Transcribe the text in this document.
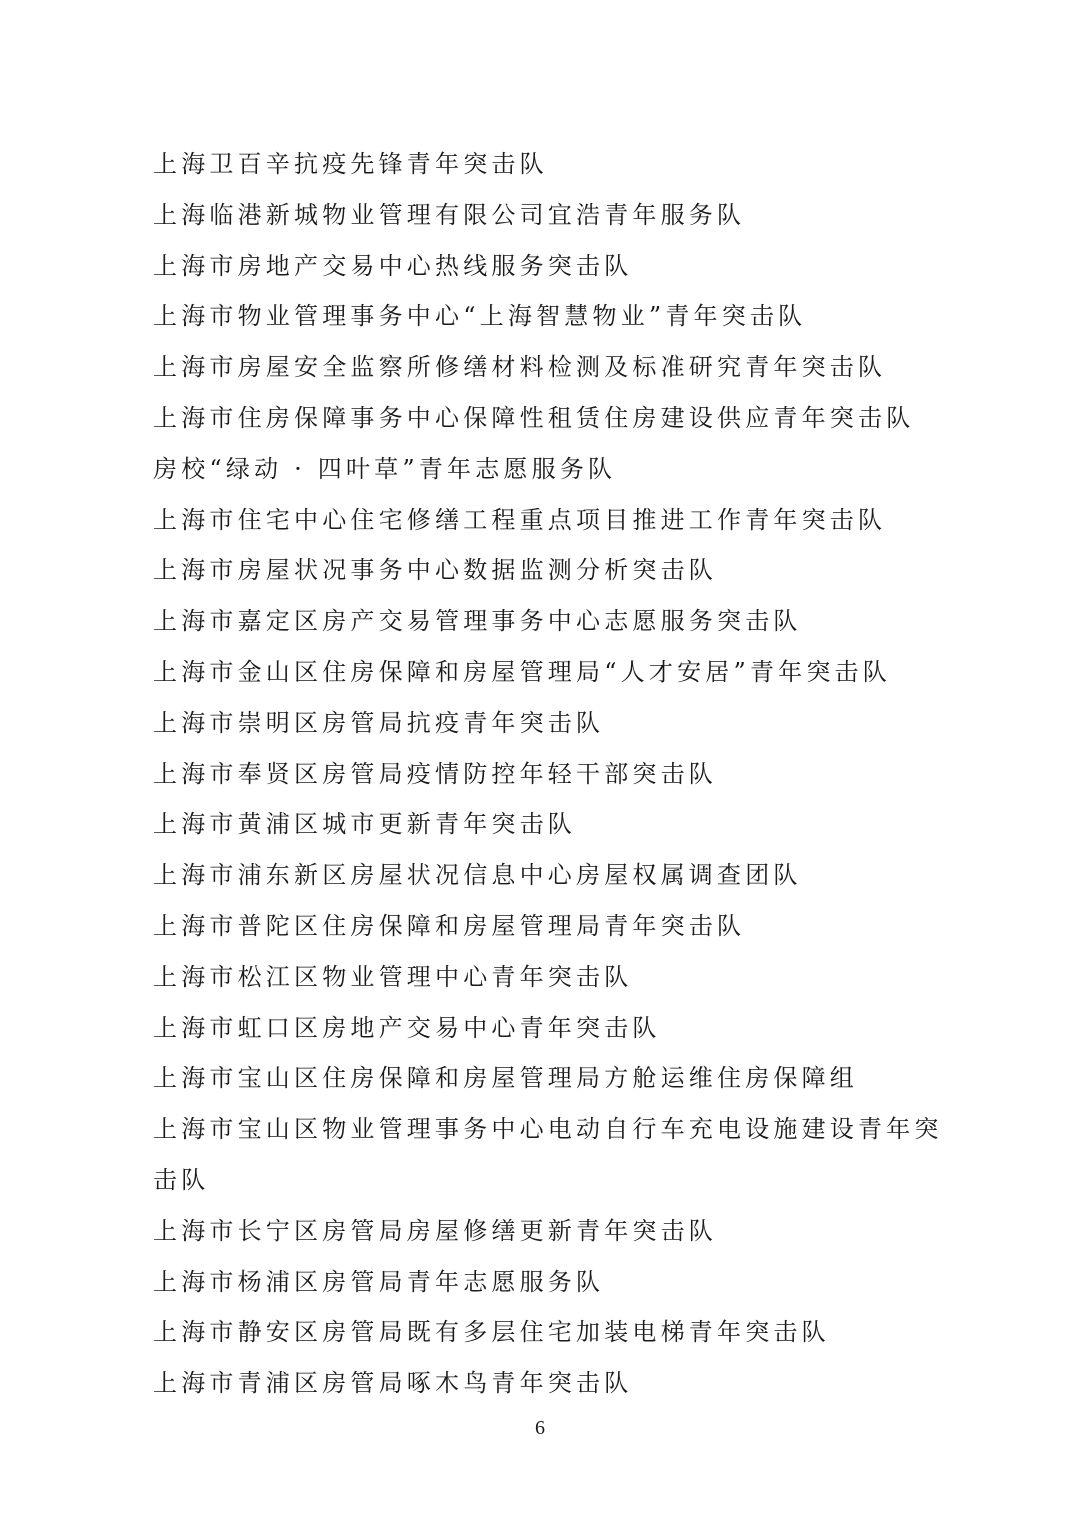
上海卫百辛抗疫先锋青年突击队
上海临港新城物业管理有限公司宜浩青年服务队
上海市房地产交易中心热线服务突击队
上海市物业管理事务中心“上海智慧物业”青年突击队
上海市房屋安全监察所修缮材料检测及标准研究青年突击队
上海市住房保障事务中心保障性租赁住房建设供应青年突击队
房校“绿动 · 四叶草”青年志愿服务队
上海市住宅中心住宅修缮工程重点项目推进工作青年突击队
上海市房屋状况事务中心数据监测分析突击队
上海市嘉定区房产交易管理事务中心志愿服务突击队
上海市金山区住房保障和房屋管理局“人才安居”青年突击队
上海市崇明区房管局抗疫青年突击队
上海市奉贤区房管局疫情防控年轻干部突击队
上海市黄浦区城市更新青年突击队
上海市浦东新区房屋状况信息中心房屋权属调查团队
上海市普陀区住房保障和房屋管理局青年突击队
上海市松江区物业管理中心青年突击队
上海市虹口区房地产交易中心青年突击队
上海市宝山区住房保障和房屋管理局方舱运维住房保障组
上海市宝山区物业管理事务中心电动自行车充电设施建设青年突
击队
上海市长宁区房管局房屋修缮更新青年突击队
上海市杨浦区房管局青年志愿服务队
上海市静安区房管局既有多层住宅加装电梯青年突击队
上海市青浦区房管局啄木鸟青年突击队
6
